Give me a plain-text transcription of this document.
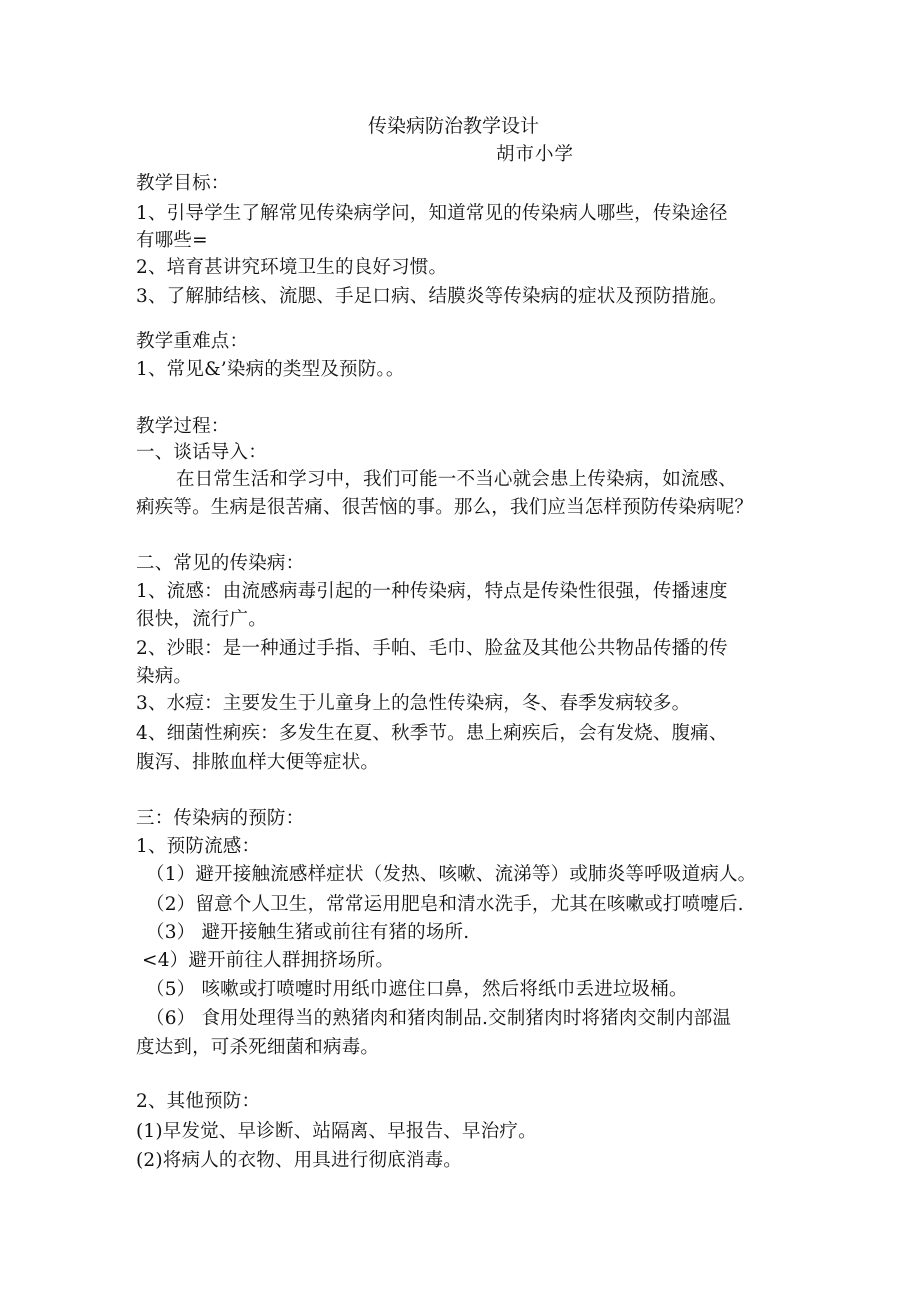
传染病防治教学设计
胡市小学
教学目标：
1、引导学生了解常见传染病学问，知道常见的传染病人哪些，传染途径
有哪些=
2、培育甚讲究环境卫生的良好习惯。
3、了解肺结核、流腮、手足口病、结膜炎等传染病的症状及预防措施。
教学重难点：
1、常见&’染病的类型及预防。。
教学过程：
一、谈话导入：
在日常生活和学习中，我们可能一不当心就会患上传染病，如流感、
痢疾等。生病是很苦痛、很苦恼的事。那么，我们应当怎样预防传染病呢？
二、常见的传染病：
1、流感：由流感病毒引起的一种传染病，特点是传染性很强，传播速度
很快，流行广。
2、沙眼：是一种通过手指、手帕、毛巾、脸盆及其他公共物品传播的传
染病。
3、水痘：主要发生于儿童身上的急性传染病，冬、春季发病较多。
4、细菌性痢疾：多发生在夏、秋季节。患上痢疾后，会有发烧、腹痛、
腹泻、排脓血样大便等症状。
三：传染病的预防：
1、预防流感：
（1）避开接触流感样症状（发热、咳嗽、流涕等）或肺炎等呼吸道病人。
（2）留意个人卫生，常常运用肥皂和清水洗手，尤其在咳嗽或打喷嚏后.
（3） 避开接触生猪或前往有猪的场所.
<4）避开前往人群拥挤场所。
（5） 咳嗽或打喷嚏时用纸巾遮住口鼻，然后将纸巾丢进垃圾桶。
（6） 食用处理得当的熟猪肉和猪肉制品.交制猪肉时将猪肉交制内部温
度达到，可杀死细菌和病毒。
2、其他预防：
(1)早发觉、早诊断、站隔离、早报告、早治疗。
(2)将病人的衣物、用具进行彻底消毒。
